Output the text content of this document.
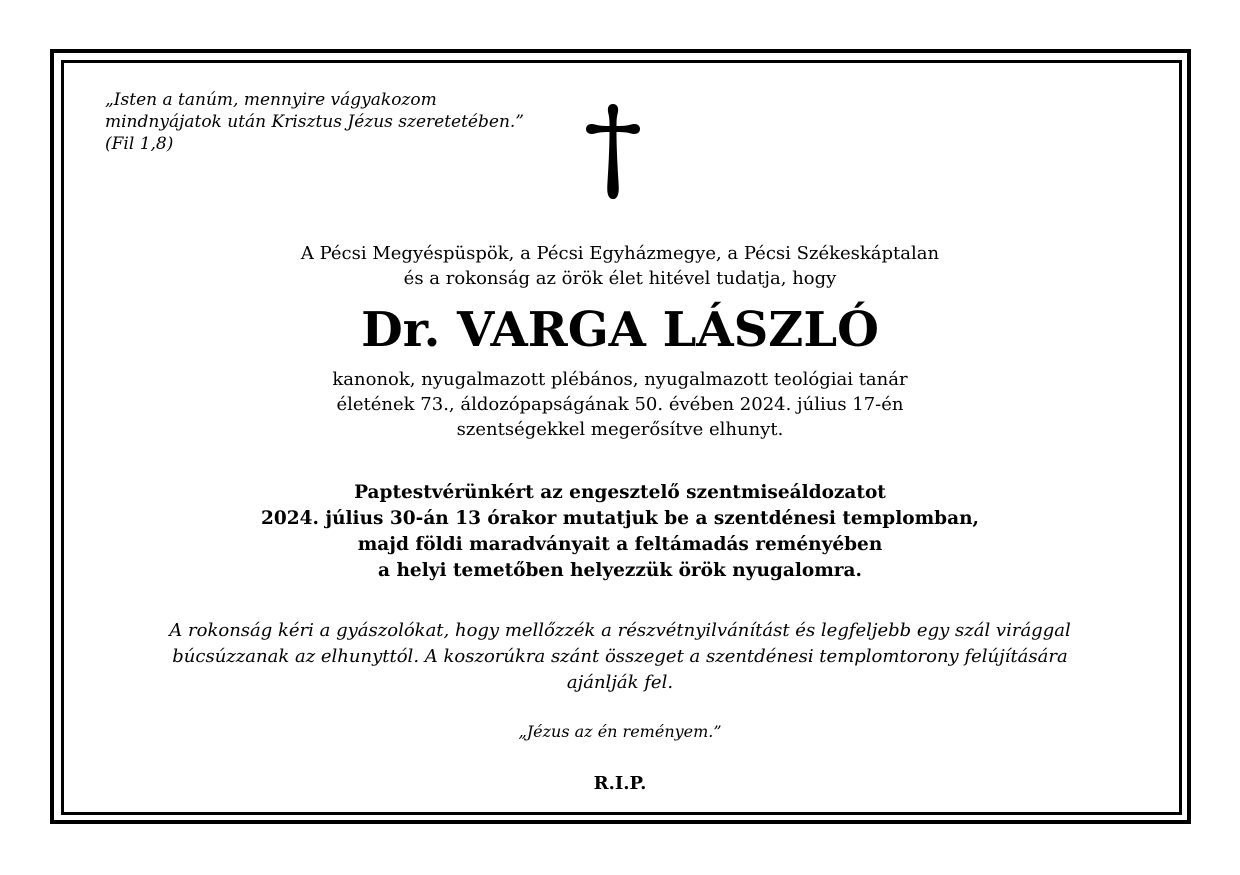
„Isten a tanúm, mennyire vágyakozom
mindnyájatok után Krisztus Jézus szeretetében.”
(Fil 1,8)
A Pécsi Megyéspüspök, a Pécsi Egyházmegye, a Pécsi Székeskáptalan
és a rokonság az örök élet hitével tudatja, hogy
Dr. VARGA LÁSZLÓ
kanonok, nyugalmazott plébános, nyugalmazott teológiai tanár
életének 73., áldozópapságának 50. évében 2024. július 17-én
szentségekkel megerősítve elhunyt.
Paptestvérünkért az engesztelő szentmiseáldozatot
2024. július 30-án 13 órakor mutatjuk be a szentdénesi templomban,
majd földi maradványait a feltámadás reményében
a helyi temetőben helyezzük örök nyugalomra.
A rokonság kéri a gyászolókat, hogy mellőzzék a részvétnyilvánítást és legfeljebb egy szál virággal
búcsúzzanak az elhunyttól. A koszorúkra szánt összeget a szentdénesi templomtorony felújítására
ajánlják fel.
„Jézus az én reményem.”
R.I.P.
